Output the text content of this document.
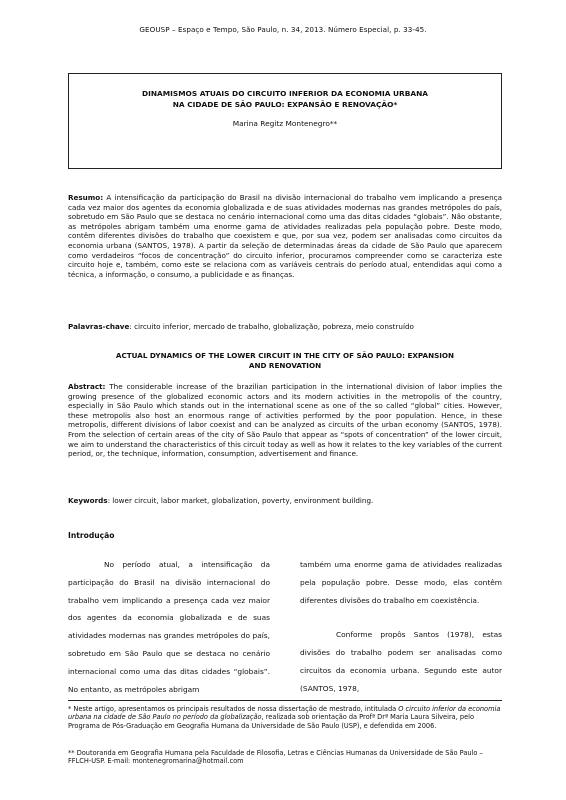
GEOUSP – Espaço e Tempo, São Paulo, n. 34, 2013. Número Especial, p. 33-45.
DINAMISMOS ATUAIS DO CIRCUITO INFERIOR DA ECONOMIA URBANA
NA CIDADE DE SÃO PAULO: EXPANSÃO E RENOVAÇÃO*
Marina Regitz Montenegro**
Resumo: A intensificação da participação do Brasil na divisão internacional do trabalho vem implicando a presença cada vez maior dos agentes da economia globalizada e de suas atividades modernas nas grandes metrópoles do país, sobretudo em São Paulo que se destaca no cenário internacional como uma das ditas cidades “globais”. Não obstante, as metrópoles abrigam também uma enorme gama de atividades realizadas pela população pobre. Deste modo, contêm diferentes divisões do trabalho que coexistem e que, por sua vez, podem ser analisadas como circuitos da economia urbana (SANTOS, 1978). A partir da seleção de determinadas áreas da cidade de São Paulo que aparecem como verdadeiros “focos de concentração” do circuito inferior, procuramos compreender como se caracteriza este circuito hoje e, também, como este se relaciona com as variáveis centrais do período atual, entendidas aqui como a técnica, a informação, o consumo, a publicidade e as finanças.
Palavras-chave: circuito inferior, mercado de trabalho, globalização, pobreza, meio construído
ACTUAL DYNAMICS OF THE LOWER CIRCUIT IN THE CITY OF SÃO PAULO: EXPANSION
AND RENOVATION
Abstract: The considerable increase of the brazilian participation in the international division of labor implies the growing presence of the globalized economic actors and its modern activities in the metropolis of the country, especially in São Paulo which stands out in the international scene as one of the so called “global” cities. However, these metropolis also host an enormous range of activities performed by the poor population. Hence, in these metropolis, different divisions of labor coexist and can be analyzed as circuits of the urban economy (SANTOS, 1978). From the selection of certain areas of the city of São Paulo that appear as “spots of concentration” of the lower circuit, we aim to understand the characteristics of this circuit today as well as how it relates to the key variables of the current period, or, the technique, information, consumption, advertisement and finance.
Keywords: lower circuit, labor market, globalization, poverty, environment building.
Introdução

No período atual, a intensificação da participação do Brasil na divisão internacional do trabalho vem implicando a presença cada vez maior dos agentes da economia globalizada e de suas atividades modernas nas grandes metrópoles do país, sobretudo em São Paulo que se destaca no cenário internacional como uma das ditas cidades “globais”. No entanto, as metrópoles abrigam

também uma enorme gama de atividades realizadas pela população pobre. Desse modo, elas contêm diferentes divisões do trabalho em coexistência.

Conforme propôs Santos (1978), estas divisões do trabalho podem ser analisadas como circuitos da economia urbana. Segundo este autor (SANTOS, 1978,

* Neste artigo, apresentamos os principais resultados de nossa dissertação de mestrado, intitulada O circuito inferior da economia urbana na cidade de São Paulo no período da globalização, realizada sob orientação da Profª Drª Maria Laura Silveira, pelo Programa de Pós-Graduação em Geografia Humana da Universidade de São Paulo (USP), e defendida em 2006.
** Doutoranda em Geografia Humana pela Faculdade de Filosofia, Letras e Ciências Humanas da Universidade de São Paulo – FFLCH-USP. E-mail: montenegromarina@hotmail.com
